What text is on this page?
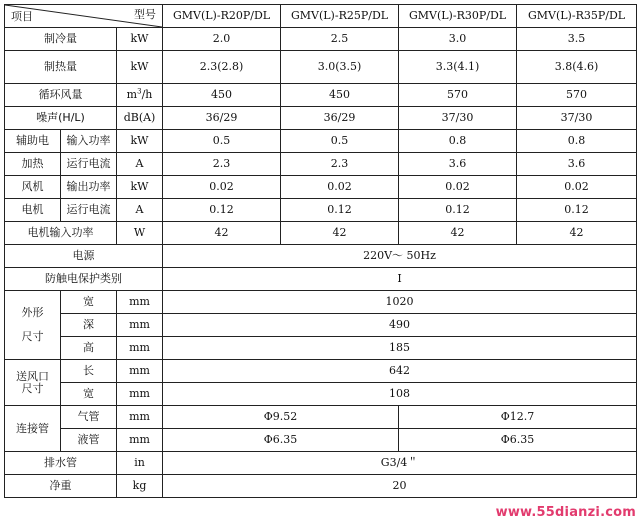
型号
项目			GMV(L)-R20P/DL	GMV(L)-R25P/DL	GMV(L)-R30P/DL	GMV(L)-R35P/DL
制冷量		kW	2.0	2.5	3.0	3.5
制热量		kW	2.3(2.8)	3.0(3.5)	3.3(4.1)	3.8(4.6)
循环风量		$m^3/h$	450	450	570	570
噪声(H/L)		dB(A)	36/29	36/29	37/30	37/30
辅助电	输入功率	kW	0.5	0.5	0.8	0.8
加热	运行电流	A	2.3	2.3	3.6	3.6
风机	输出功率	kW	0.02	0.02	0.02	0.02
电机	运行电流	A	0.12	0.12	0.12	0.12
电机输入功率		W	42	42	42	42
电源			220V～ 50Hz			
防触电保护类别			I			
外形

尺寸	宽	mm	1020			
	深	mm	490			
	高	mm	185			
送风口
尺寸	长	mm	642			
	宽	mm	108			
连接管	气管	mm	Φ9.52		Φ12.7	
	液管	mm	Φ6.35		Φ6.35	
排水管		in	G3/4＂			
净重		kg	20			
www.55dianzi.com
